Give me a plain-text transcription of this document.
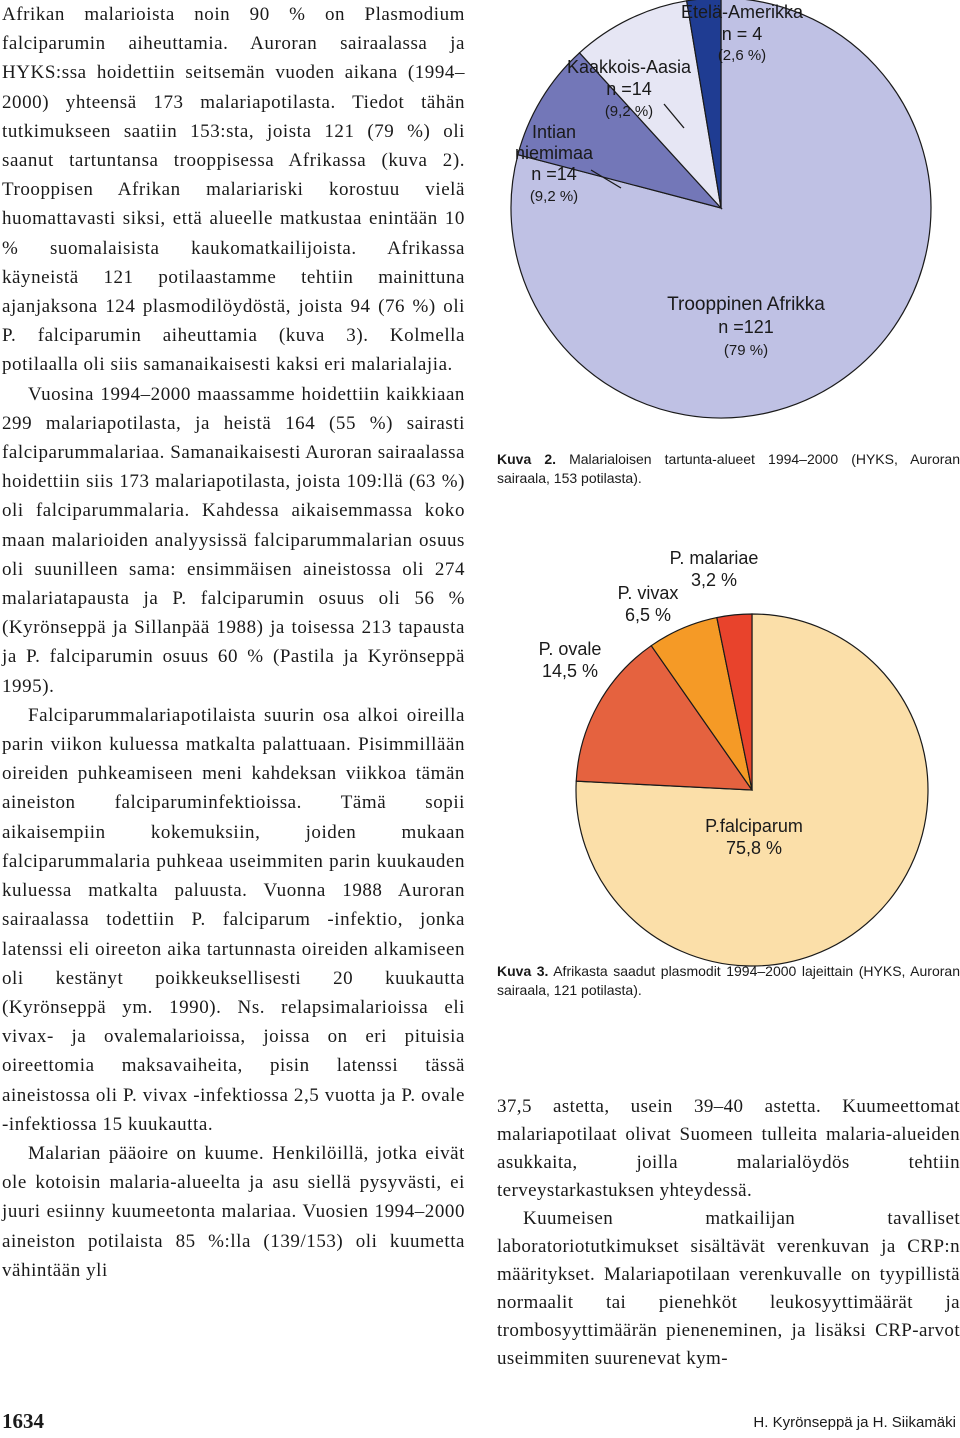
Afrikan malarioista noin 90 % on Plasmodium falciparumin aiheuttamia. Auroran sairaalassa ja HYKS:ssa hoidettiin seitsemän vuoden aikana (1994–2000) yhteensä 173 malariapotilasta. Tiedot tähän tutkimukseen saatiin 153:sta, joista 121 (79 %) oli saanut tartuntansa trooppisessa Afrikassa (kuva 2). Trooppisen Afrikan malariariski korostuu vielä huomattavasti siksi, että alueelle matkustaa enintään 10 % suomalaisista kaukomatkailijoista. Afrikassa käyneistä 121 potilaastamme tehtiin mainittuna ajanjaksona 124 plasmodilöydöstä, joista 94 (76 %) oli P. falciparumin aiheuttamia (kuva 3). Kolmella potilaalla oli siis samanaikaisesti kaksi eri malarialajia.

Vuosina 1994–2000 maassamme hoidettiin kaikkiaan 299 malariapotilasta, ja heistä 164 (55 %) sairasti falciparummalariaa. Samanaikaisesti Auroran sairaalassa hoidettiin siis 173 malariapotilasta, joista 109:llä (63 %) oli falciparummalaria. Kahdessa aikaisemmassa koko maan malarioiden analyysissä falciparummalarian osuus oli suunilleen sama: ensimmäisen aineistossa oli 274 malariatapausta ja P. falciparumin osuus oli 56 % (Kyrönseppä ja Sillanpää 1988) ja toisessa 213 tapausta ja P. falciparumin osuus 60 % (Pastila ja Kyrönseppä 1995).

Falciparummalariapotilaista suurin osa alkoi oireilla parin viikon kuluessa matkalta palattuaan. Pisimmillään oireiden puhkeamiseen meni kahdeksan viikkoa tämän aineiston falciparuminfektioissa. Tämä sopii aikaisempiin kokemuksiin, joiden mukaan falciparummalaria puhkeaa useimmiten parin kuukauden kuluessa matkalta paluusta. Vuonna 1988 Auroran sairaalassa todettiin P. falciparum -infektio, jonka latenssi eli oireeton aika tartunnasta oireiden alkamiseen oli kestänyt poikkeuksellisesti 20 kuukautta (Kyrönseppä ym. 1990). Ns. relapsimalarioissa eli vivax- ja ovalemalarioissa, joissa on eri pituisia oireettomia maksavaiheita, pisin latenssi tässä aineistossa oli P. vivax -infektiossa 2,5 vuotta ja P. ovale -infektiossa 15 kuukautta.

Malarian pääoire on kuume. Henkilöillä, jotka eivät ole kotoisin malaria-alueelta ja asu siellä pysyvästi, ei juuri esiinny kuumeetonta malariaa. Vuosien 1994–2000 aineiston potilaista 85 %:lla (139/153) oli kuumetta vähintään yli

Trooppinen Afrikka
n =121
(79 %)
Intian
niemimaa
n =14
(9,2 %)
Kaakkois-Aasia
n =14
(9,2 %)
Etelä-Amerikka
n = 4
(2,6 %)
Kuva 2. Malarialoisen tartunta-alueet 1994–2000 (HYKS, Auroran sairaala, 153 potilasta).
P.falciparum
75,8 %
P. ovale
14,5 %
P. vivax
6,5 %
P. malariae
3,2 %
Kuva 3. Afrikasta saadut plasmodit 1994–2000 lajeittain (HYKS, Auroran sairaala, 121 potilasta).

37,5 astetta, usein 39–40 astetta. Kuumeettomat malariapotilaat olivat Suomeen tulleita malaria-alueiden asukkaita, joilla malarialöydös tehtiin terveystarkastuksen yhteydessä.

Kuumeisen matkailijan tavalliset laboratoriotutkimukset sisältävät verenkuvan ja CRP:n määritykset. Malariapotilaan verenkuvalle on tyypillistä normaalit tai pienehköt leukosyyttimäärät ja trombosyyttimäärän pieneneminen, ja lisäksi CRP-arvot useimmiten suurenevat kym-

1634	H. Kyrönseppä ja H. Siikamäki
